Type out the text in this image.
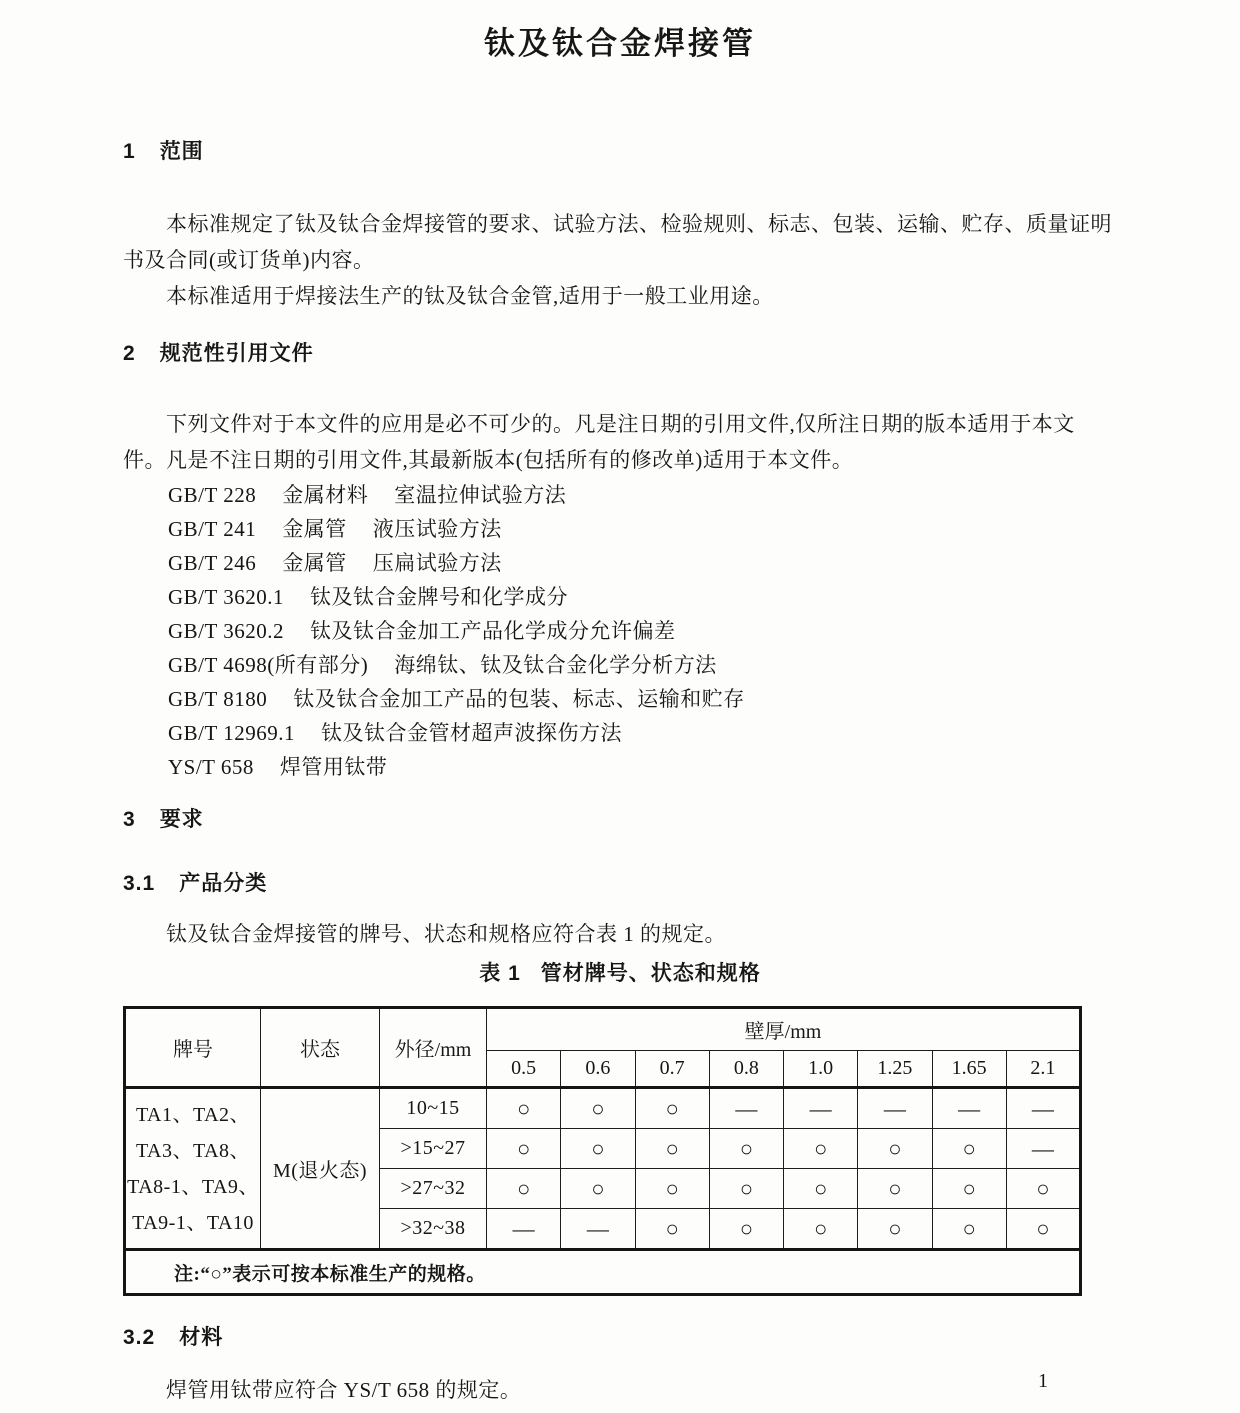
钛及钛合金焊接管
1 范围

本标准规定了钛及钛合金焊接管的要求、试验方法、检验规则、标志、包装、运输、贮存、质量证明书及合同(或订货单)内容。

本标准适用于焊接法生产的钛及钛合金管,适用于一般工业用途。

2 规范性引用文件

下列文件对于本文件的应用是必不可少的。凡是注日期的引用文件,仅所注日期的版本适用于本文件。凡是不注日期的引用文件,其最新版本(包括所有的修改单)适用于本文件。

GB/T 228 金属材料 室温拉伸试验方法
GB/T 241 金属管 液压试验方法
GB/T 246 金属管 压扁试验方法
GB/T 3620.1 钛及钛合金牌号和化学成分
GB/T 3620.2 钛及钛合金加工产品化学成分允许偏差
GB/T 4698(所有部分) 海绵钛、钛及钛合金化学分析方法
GB/T 8180 钛及钛合金加工产品的包装、标志、运输和贮存
GB/T 12969.1 钛及钛合金管材超声波探伤方法
YS/T 658 焊管用钛带
3 要求
3.1 产品分类

钛及钛合金焊接管的牌号、状态和规格应符合表 1 的规定。

表 1 管材牌号、状态和规格

牌号	状态	外径/mm	壁厚/mm							
			0.5	0.6	0.7	0.8	1.0	1.25	1.65	2.1

TA1、TA2、
TA3、TA8、
TA8-1、TA9、
TA9-1、TA10	M(退火态)	10~15	○	○	○	—	—	—	—	—
		>15~27	○	○	○	○	○	○	○	—
		>27~32	○	○	○	○	○	○	○	○
		>32~38	—	—	○	○	○	○	○	○
注:“○”表示可按本标准生产的规格。										
3.2 材料

焊管用钛带应符合 YS/T 658 的规定。	1
